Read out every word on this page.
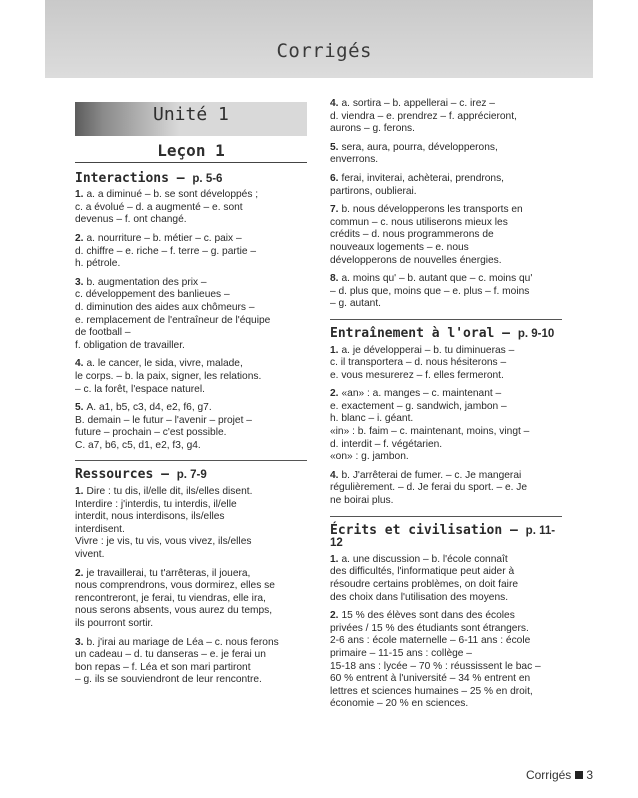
Corrigés
Unité 1
Leçon 1
Interactions – p. 5-6
1. a. a diminué – b. se sont développés ;
c. a évolué – d. a augmenté – e. sont
devenus – f. ont changé.
2. a. nourriture – b. métier – c. paix –
d. chiffre – e. riche – f. terre – g. partie –
h. pétrole.
3. b. augmentation des prix –
c. développement des banlieues –
d. diminution des aides aux chômeurs –
e. remplacement de l'entraîneur de l'équipe
de football –
f. obligation de travailler.
4. a. le cancer, le sida, vivre, malade,
le corps. – b. la paix, signer, les relations.
– c. la forêt, l'espace naturel.
5. A. a1, b5, c3, d4, e2, f6, g7.
B. demain – le futur – l'avenir – projet –
future – prochain – c'est possible.
C. a7, b6, c5, d1, e2, f3, g4.
Ressources – p. 7-9
1. Dire : tu dis, il/elle dit, ils/elles disent.
Interdire : j'interdis, tu interdis, il/elle
interdit, nous interdisons, ils/elles
interdisent.
Vivre : je vis, tu vis, vous vivez, ils/elles
vivent.
2. je travaillerai, tu t'arrêteras, il jouera,
nous comprendrons, vous dormirez, elles se
rencontreront, je ferai, tu viendras, elle ira,
nous serons absents, vous aurez du temps,
ils pourront sortir.
3. b. j'irai au mariage de Léa – c. nous ferons
un cadeau – d. tu danseras – e. je ferai un
bon repas – f. Léa et son mari partiront
– g. ils se souviendront de leur rencontre.
4. a. sortira – b. appellerai – c. irez –
d. viendra – e. prendrez – f. apprécieront,
aurons – g. ferons.
5. sera, aura, pourra, développerons,
enverrons.
6. ferai, inviterai, achèterai, prendrons,
partirons, oublierai.
7. b. nous développerons les transports en
commun – c. nous utiliserons mieux les
crédits – d. nous programmerons de
nouveaux logements – e. nous
développerons de nouvelles énergies.
8. a. moins qu' – b. autant que – c. moins qu'
– d. plus que, moins que – e. plus – f. moins
– g. autant.
Entraînement à l'oral – p. 9-10
1. a. je développerai – b. tu diminueras –
c. il transportera – d. nous hésiterons –
e. vous mesurerez – f. elles fermeront.
2. «an» : a. manges – c. maintenant –
e. exactement – g. sandwich, jambon –
h. blanc – i. géant.
«in» : b. faim – c. maintenant, moins, vingt –
d. interdit – f. végétarien.
«on» : g. jambon.
4. b. J'arrêterai de fumer. – c. Je mangerai
régulièrement. – d. Je ferai du sport. – e. Je
ne boirai plus.
Écrits et civilisation – p. 11-12
1. a. une discussion – b. l'école connaît
des difficultés, l'informatique peut aider à
résoudre certains problèmes, on doit faire
des choix dans l'utilisation des moyens.
2. 15 % des élèves sont dans des écoles
privées / 15 % des étudiants sont étrangers.
2-6 ans : école maternelle – 6-11 ans : école
primaire – 11-15 ans : collège –
15-18 ans : lycée – 70 % : réussissent le bac –
60 % entrent à l'université – 34 % entrent en
lettres et sciences humaines – 25 % en droit,
économie – 20 % en sciences.
Corrigés 3
